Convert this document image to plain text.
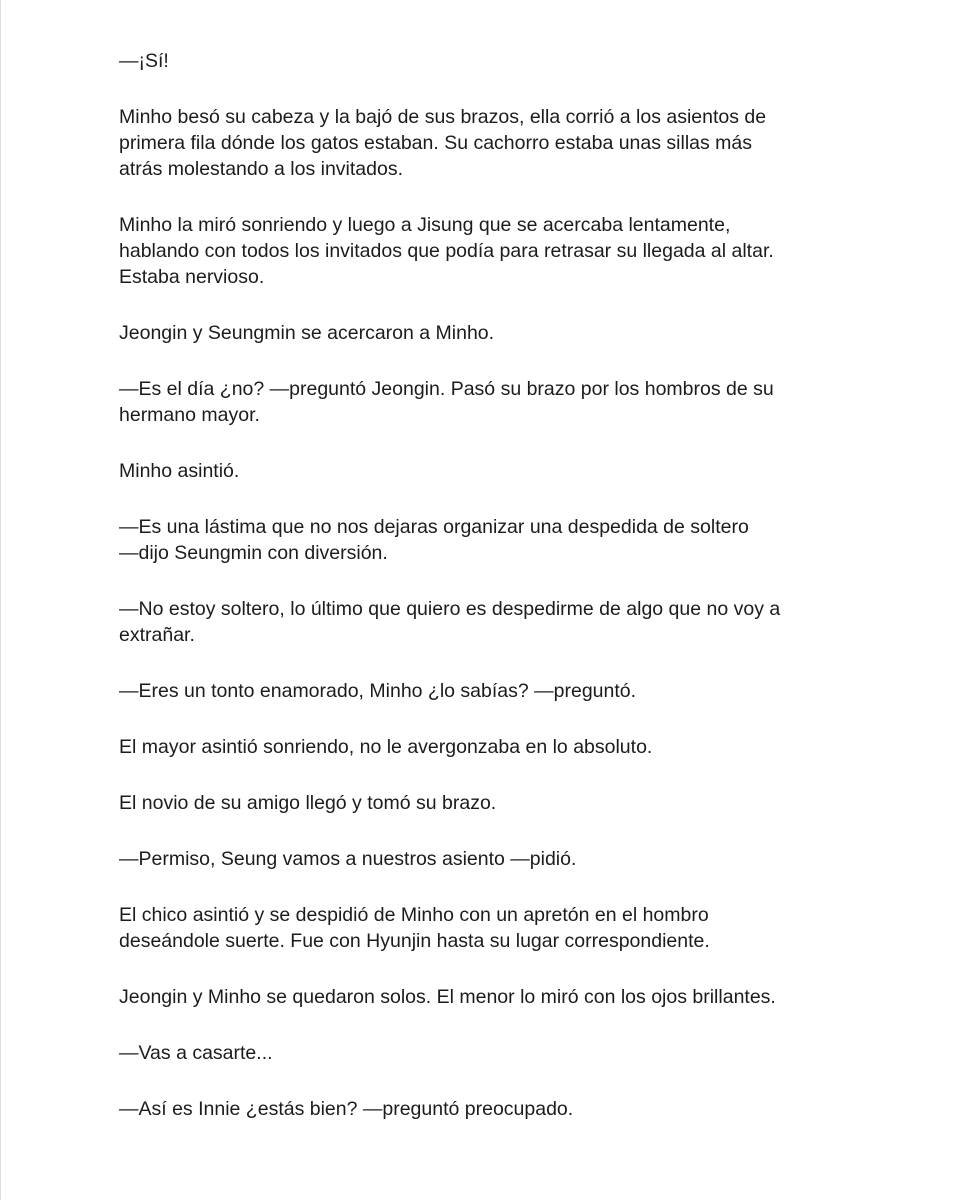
—¡Sí!

Minho besó su cabeza y la bajó de sus brazos, ella corrió a los asientos de
primera fila dónde los gatos estaban. Su cachorro estaba unas sillas más
atrás molestando a los invitados.

Minho la miró sonriendo y luego a Jisung que se acercaba lentamente,
hablando con todos los invitados que podía para retrasar su llegada al altar.
Estaba nervioso.

Jeongin y Seungmin se acercaron a Minho.

—Es el día ¿no? —preguntó Jeongin. Pasó su brazo por los hombros de su
hermano mayor.

Minho asintió.

—Es una lástima que no nos dejaras organizar una despedida de soltero
—dijo Seungmin con diversión.

—No estoy soltero, lo último que quiero es despedirme de algo que no voy a
extrañar.

—Eres un tonto enamorado, Minho ¿lo sabías? —preguntó.

El mayor asintió sonriendo, no le avergonzaba en lo absoluto.

El novio de su amigo llegó y tomó su brazo.

—Permiso, Seung vamos a nuestros asiento —pidió.

El chico asintió y se despidió de Minho con un apretón en el hombro
deseándole suerte. Fue con Hyunjin hasta su lugar correspondiente.

Jeongin y Minho se quedaron solos. El menor lo miró con los ojos brillantes.

—Vas a casarte...

—Así es Innie ¿estás bien? —preguntó preocupado.
